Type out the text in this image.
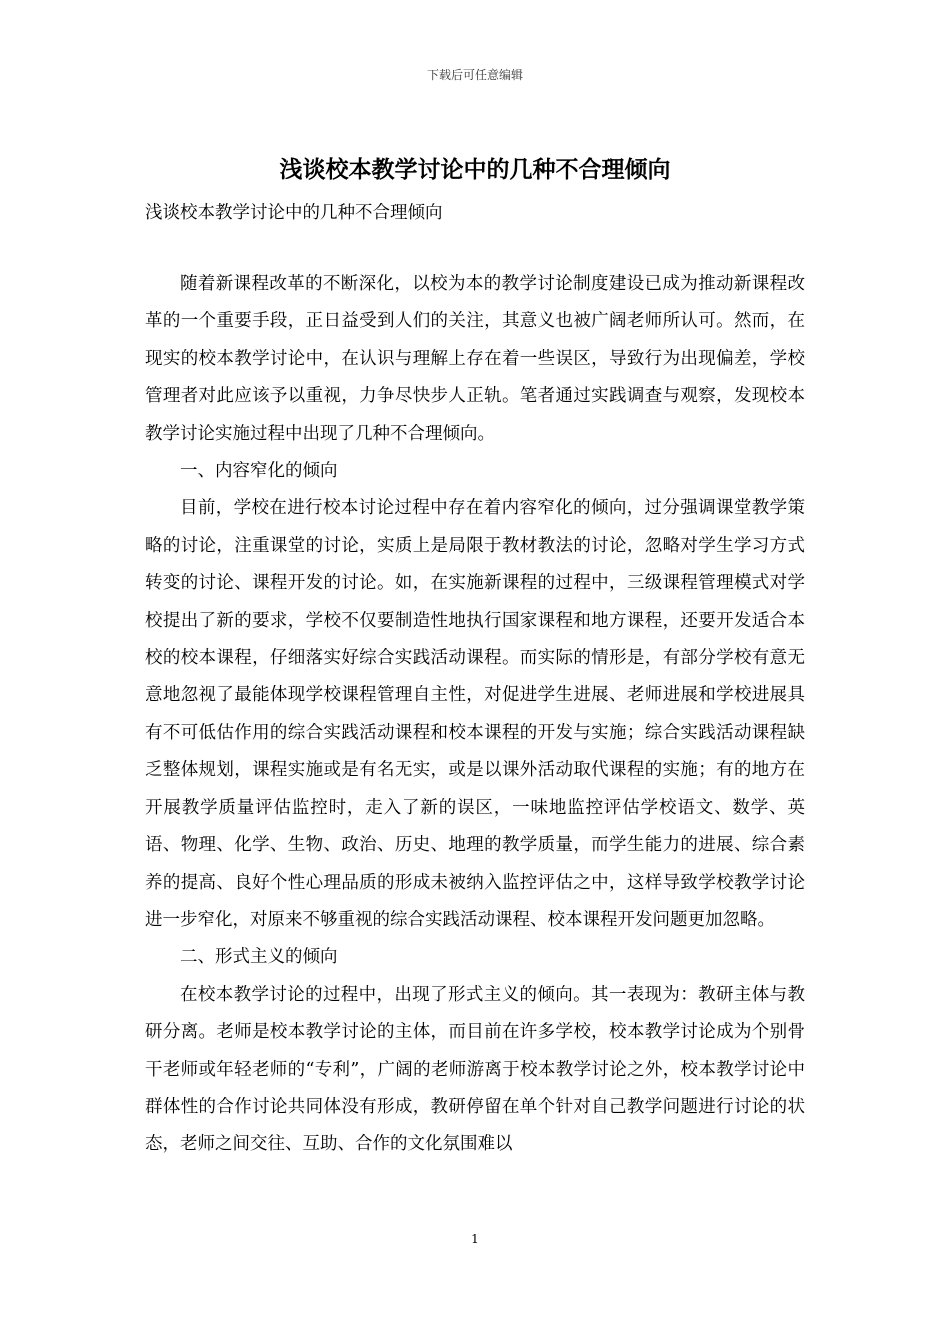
下载后可任意编辑
浅谈校本教学讨论中的几种不合理倾向
浅谈校本教学讨论中的几种不合理倾向

随着新课程改革的不断深化，以校为本的教学讨论制度建设已成为推动新课程改革的一个重要手段，正日益受到人们的关注，其意义也被广阔老师所认可。然而，在现实的校本教学讨论中，在认识与理解上存在着一些误区，导致行为出现偏差，学校管理者对此应该予以重视，力争尽快步人正轨。笔者通过实践调查与观察，发现校本教学讨论实施过程中出现了几种不合理倾向。

一、内容窄化的倾向

目前，学校在进行校本讨论过程中存在着内容窄化的倾向，过分强调课堂教学策略的讨论，注重课堂的讨论，实质上是局限于教材教法的讨论，忽略对学生学习方式转变的讨论、课程开发的讨论。如，在实施新课程的过程中，三级课程管理模式对学校提出了新的要求，学校不仅要制造性地执行国家课程和地方课程，还要开发适合本校的校本课程，仔细落实好综合实践活动课程。而实际的情形是，有部分学校有意无意地忽视了最能体现学校课程管理自主性，对促进学生进展、老师进展和学校进展具有不可低估作用的综合实践活动课程和校本课程的开发与实施；综合实践活动课程缺乏整体规划，课程实施或是有名无实，或是以课外活动取代课程的实施；有的地方在开展教学质量评估监控时，走入了新的误区，一味地监控评估学校语文、数学、英语、物理、化学、生物、政治、历史、地理的教学质量，而学生能力的进展、综合素养的提高、良好个性心理品质的形成未被纳入监控评估之中，这样导致学校教学讨论进一步窄化，对原来不够重视的综合实践活动课程、校本课程开发问题更加忽略。

二、形式主义的倾向

在校本教学讨论的过程中，出现了形式主义的倾向。其一表现为：教研主体与教研分离。老师是校本教学讨论的主体，而目前在许多学校，校本教学讨论成为个别骨干老师或年轻老师的“专利”，广阔的老师游离于校本教学讨论之外，校本教学讨论中群体性的合作讨论共同体没有形成，教研停留在单个针对自己教学问题进行讨论的状态，老师之间交往、互助、合作的文化氛围难以

1
